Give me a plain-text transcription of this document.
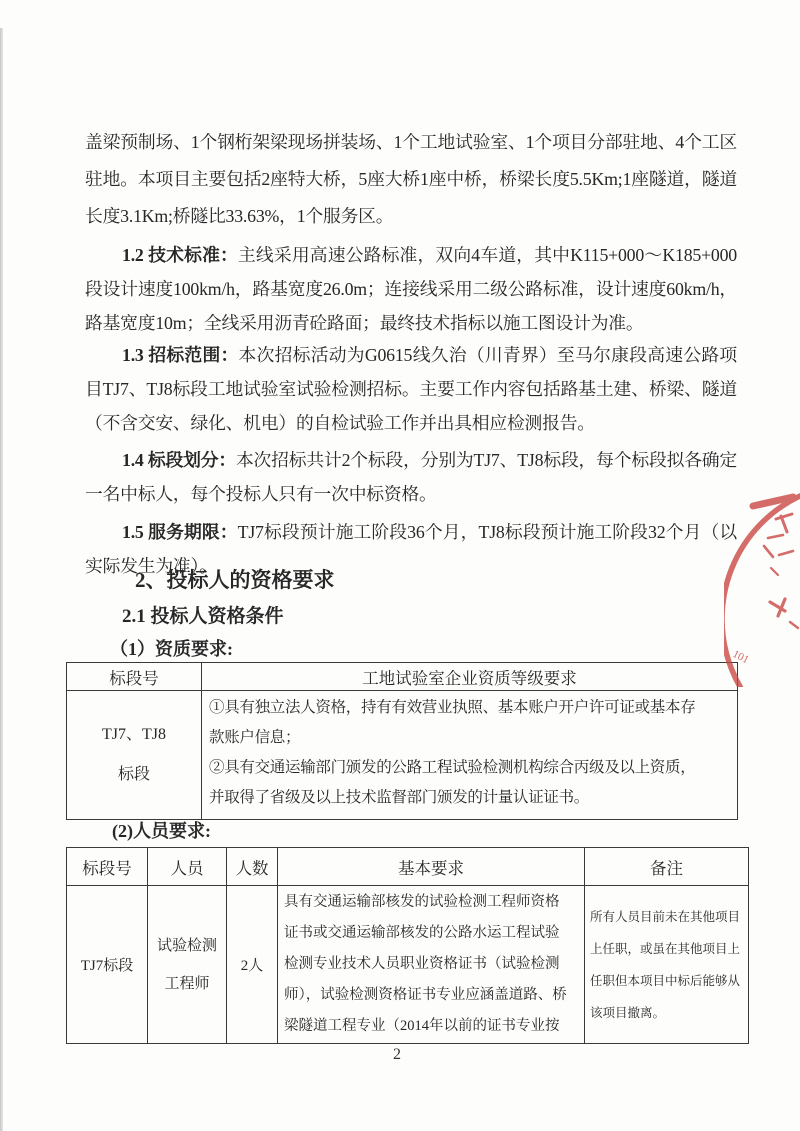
盖梁预制场、1个钢桁架梁现场拼装场、1个工地试验室、1个项目分部驻地、4个工区驻地。本项目主要包括2座特大桥，5座大桥1座中桥，桥梁长度5.5Km;1座隧道，隧道长度3.1Km;桥隧比33.63%，1个服务区。

1.2 技术标准：主线采用高速公路标准，双向4车道，其中K115+000～K185+000段设计速度100km/h，路基宽度26.0m；连接线采用二级公路标准，设计速度60km/h，路基宽度10m；全线采用沥青砼路面；最终技术指标以施工图设计为准。

1.3 招标范围：本次招标活动为G0615线久治（川青界）至马尔康段高速公路项目TJ7、TJ8标段工地试验室试验检测招标。主要工作内容包括路基土建、桥梁、隧道（不含交安、绿化、机电）的自检试验工作并出具相应检测报告。

1.4 标段划分：本次招标共计2个标段，分别为TJ7、TJ8标段，每个标段拟各确定一名中标人，每个投标人只有一次中标资格。

1.5 服务期限：TJ7标段预计施工阶段36个月，TJ8标段预计施工阶段32个月（以实际发生为准）。

2、投标人的资格要求
2.1 投标人资格条件
（1）资质要求:
标段号	工地试验室企业资质等级要求
TJ7、TJ8
标段	①具有独立法人资格，持有有效营业执照、基本账户开户许可证或基本存
款账户信息；
②具有交通运输部门颁发的公路工程试验检测机构综合丙级及以上资质，
并取得了省级及以上技术监督部门颁发的计量认证证书。
(2)人员要求:
标段号	人员	人数	基本要求	备注
TJ7标段	试验检测
工程师	2人	具有交通运输部核发的试验检测工程师资格
证书或交通运输部核发的公路水运工程试验
检测专业技术人员职业资格证书（试验检测
师），试验检测资格证书专业应涵盖道路、桥
梁隧道工程专业（2014年以前的证书专业按	所有人员目前未在其他项目
上任职，或虽在其他项目上
任职但本项目中标后能够从
该项目撤离。
2
101
